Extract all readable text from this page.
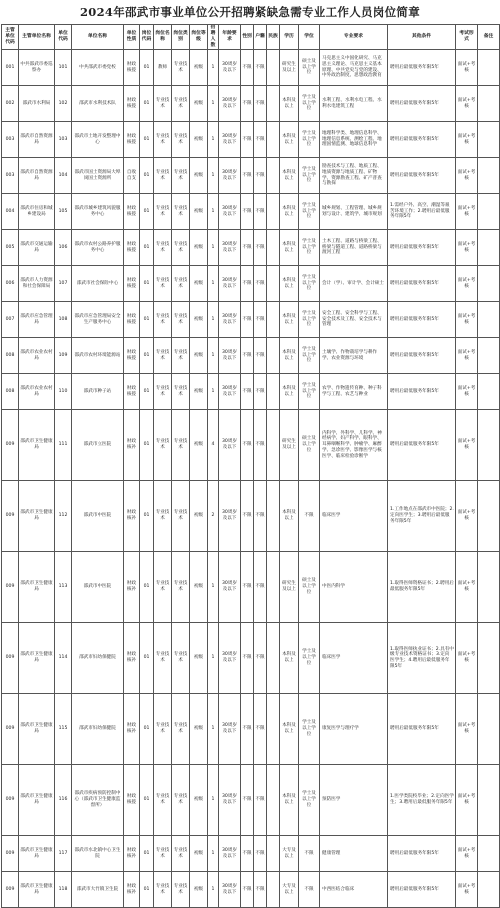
2024年邵武市事业单位公开招聘紧缺急需专业工作人员岗位简章
主管单位代码	主管单位名称	单位代码	单位名称	单位性质	岗位代码	岗位名称	岗位类别	岗位等级	招聘人数	年龄要求	性别	户籍	民族	学历	学位	专业要求	其他条件	考试形式	备注
001	中共邵武市委巡察办	101	中共邵武市委党校	财政核拨	01	教师	专业技术	初级	1	30周岁及以下	不限	不限		研究生及以上	硕士及以上学位	马克思主义中国化研究、马克思主义理论、马克思主义基本原理、中共党史与党的建设、中外政治制度、思想政治教育	聘用后最低服务年限5年	面试+考核	
002	邵武市水利局	102	邵武市水利技术队	财政核拨	01	专业技术	专业技术	初级	1	30周岁及以下	不限	不限		本科及以上	学士及以上学位	水利工程、水利水电工程、水利水电建筑工程	聘用后最低服务年限5年	面试+考核	
003	邵武市自然资源局	103	邵武市土地开发整理中心	财政核拨	01	专业技术	专业技术	初级	1	30周岁及以下	不限	不限		本科及以上	学士及以上学位	地理科学类、地理信息科学、地理信息系统、测绘工程、地理国情监测、地球信息科学	聘用后最低服务年限5年	面试+考核	
003	邵武市自然资源局	104	邵武市国土资源局大埠岗国土资源所	自收自支	01	专业技术	专业技术	初级	1	30周岁及以下	不限	不限		本科及以上	学士及以上学位	勘查技术与工程、地质工程、地质资源与地质工程、矿物学、资源勘查工程、矿产普查与勘探	聘用后最低服务年限5年	面试+考核	
004	邵武市住房和城乡建设局	105	邵武市城乡建筑风貌服务中心	财政核拨	01	专业技术	专业技术	初级	1	30周岁及以下	不限	不限		本科及以上	学士及以上学位	城乡规划、工程管理、城乡规划与设计、建筑学、城市规划	1.需经户外、高空、潮湿等艰苦环境工作；2.聘用后最低服务年限5年	面试+考核	
005	邵武市交通运输局	106	邵武市农村公路养护服务中心	财政核拨	01	专业技术	专业技术	初级	1	30周岁及以下	不限	不限		本科及以上	学士及以上学位	土木工程、道路与桥梁工程、桥梁与隧道工程、道路桥梁与渡河工程	聘用后最低服务年限5年	面试+考核	
006	邵武市人力资源和社会保障局	107	邵武市社会保险中心	财政核拨	01	专业技术	专业技术	初级	1	30周岁及以下	不限	不限		本科及以上	学士及以上学位	会计（学）、审计学、会计硕士	聘用后最低服务年限5年	面试+考核	
007	邵武市应急管理局	108	邵武市应急管理局安全生产服务中心	财政核拨	01	专业技术	专业技术	初级	1	30周岁及以下	不限	不限		本科及以上	学士及以上学位	安全工程、安全科学与工程、安全技术及工程、安全技术与管理	聘用后最低服务年限5年	面试+考核	
008	邵武市农业农村局	109	邵武市农村环境能源站	财政核拨	01	专业技术	专业技术	初级	1	30周岁及以下	不限	不限		本科及以上	学士及以上学位	土壤学、作物栽培学与耕作学、农业资源与环境	聘用后最低服务年限5年	面试+考核	
008	邵武市农业农村局	110	邵武市种子站	财政核拨	01	专业技术	专业技术	初级	1	30周岁及以下	不限	不限		本科及以上	学士及以上学位	农学、作物遗传育种、种子科学与工程、农艺与种业	聘用后最低服务年限5年	面试+考核	
009	邵武市卫生健康局	111	邵武市立医院	财政核补	01	专业技术	专业技术	初级	4	30周岁及以下	不限	不限		研究生及以上	硕士及以上学位	内科学、外科学、儿科学、神经病学、妇产科学、眼科学、耳鼻咽喉科学、肿瘤学、麻醉学、急诊医学、影像医学与核医学、临床检验诊断学	聘用后最低服务年限5年	面试+考核	
009	邵武市卫生健康局	112	邵武市中医院	财政核补	01	专业技术	专业技术	初级	2	30周岁及以下	不限	不限		本科及以上	不限	临床医学	1.工作地点在邵武市中医院；2.定向医学生；3.聘用后最低服务年限5年	面试+考核	
009	邵武市卫生健康局	113	邵武市中医院	财政核补	01	专业技术	专业技术	初级	1	30周岁及以下	不限	不限		研究生及以上	硕士及以上学位	中医内科学	1.取得医师资格证书；2.聘用后最低服务年限5年	面试+考核	
009	邵武市卫生健康局	114	邵武市妇幼保健院	财政核补	01	专业技术	专业技术	初级	1	30周岁及以下	不限	不限		本科及以上	学士及以上学位	临床医学	1.取得医师执业证书；2.具有中级专业技术资格证书；3.定向医学生；4.聘用后最低服务年限5年	面试+考核	
009	邵武市卫生健康局	115	邵武市妇幼保健院	财政核补	01	专业技术	专业技术	初级	1	30周岁及以下	不限	不限		本科及以上	学士及以上学位	康复医学与理疗学	聘用后最低服务年限5年	面试+考核	
009	邵武市卫生健康局	116	邵武市疾病预防控制中心（邵武市卫生健康监督所）	财政核拨	01	专业技术	专业技术	初级	1	30周岁及以下	不限	不限		本科及以上	学士及以上学位	预防医学	1.医学类院校毕业；2.定向医学生；3.聘用后最低服务年限5年	面试+考核	
009	邵武市卫生健康局	117	邵武市水北镇中心卫生院	财政核补	01	专业技术	专业技术	初级	1	30周岁及以下	不限	不限		大专及以上	不限	健康管理	聘用后最低服务年限5年	面试+考核	
009	邵武市卫生健康局	118	邵武市大竹镇卫生院	财政核补	01	专业技术	专业技术	初级	1	30周岁及以下	不限	不限		大专及以上	不限	中西医结合临床	聘用后最低服务年限5年	面试+考核	
